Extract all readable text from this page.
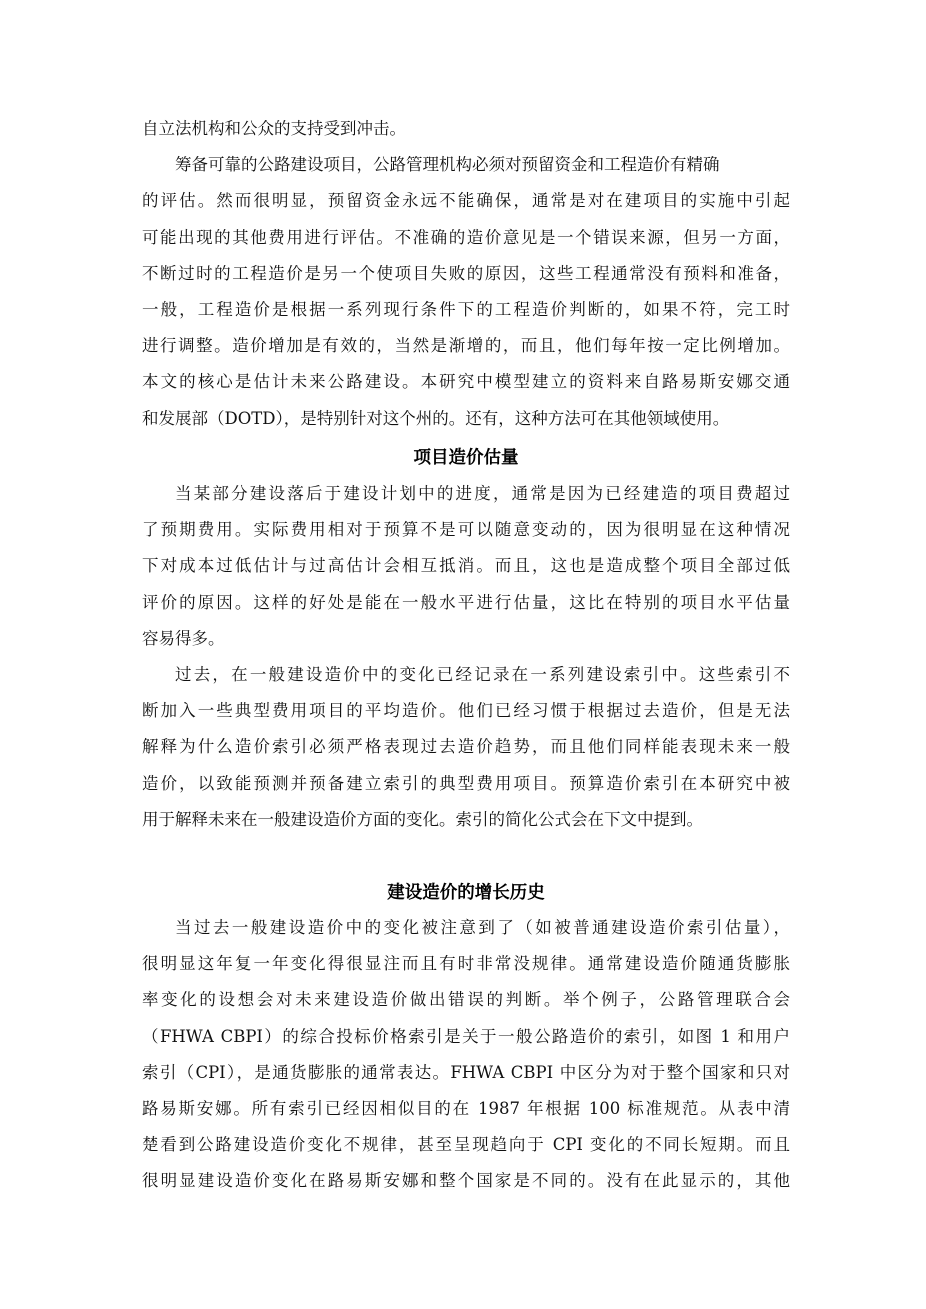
自立法机构和公众的支持受到冲击。
筹备可靠的公路建设项目，公路管理机构必须对预留资金和工程造价有精确
的评估。然而很明显，预留资金永远不能确保，通常是对在建项目的实施中引起
可能出现的其他费用进行评估。不准确的造价意见是一个错误来源，但另一方面，
不断过时的工程造价是另一个使项目失败的原因，这些工程通常没有预料和准备，
一般，工程造价是根据一系列现行条件下的工程造价判断的，如果不符，完工时
进行调整。造价增加是有效的，当然是渐增的，而且，他们每年按一定比例增加。
本文的核心是估计未来公路建设。本研究中模型建立的资料来自路易斯安娜交通
和发展部（DOTD），是特别针对这个州的。还有，这种方法可在其他领域使用。
项目造价估量
当某部分建设落后于建设计划中的进度，通常是因为已经建造的项目费超过
了预期费用。实际费用相对于预算不是可以随意变动的，因为很明显在这种情况
下对成本过低估计与过高估计会相互抵消。而且，这也是造成整个项目全部过低
评价的原因。这样的好处是能在一般水平进行估量，这比在特别的项目水平估量
容易得多。
过去，在一般建设造价中的变化已经记录在一系列建设索引中。这些索引不
断加入一些典型费用项目的平均造价。他们已经习惯于根据过去造价，但是无法
解释为什么造价索引必须严格表现过去造价趋势，而且他们同样能表现未来一般
造价，以致能预测并预备建立索引的典型费用项目。预算造价索引在本研究中被
用于解释未来在一般建设造价方面的变化。索引的简化公式会在下文中提到。
建设造价的增长历史
当过去一般建设造价中的变化被注意到了（如被普通建设造价索引估量），
很明显这年复一年变化得很显注而且有时非常没规律。通常建设造价随通货膨胀
率变化的设想会对未来建设造价做出错误的判断。举个例子，公路管理联合会
（FHWA CBPI）的综合投标价格索引是关于一般公路造价的索引，如图 1 和用户
索引（CPI），是通货膨胀的通常表达。FHWA CBPI 中区分为对于整个国家和只对
路易斯安娜。所有索引已经因相似目的在 1987 年根据 100 标准规范。从表中清
楚看到公路建设造价变化不规律，甚至呈现趋向于 CPI 变化的不同长短期。而且
很明显建设造价变化在路易斯安娜和整个国家是不同的。没有在此显示的，其他
